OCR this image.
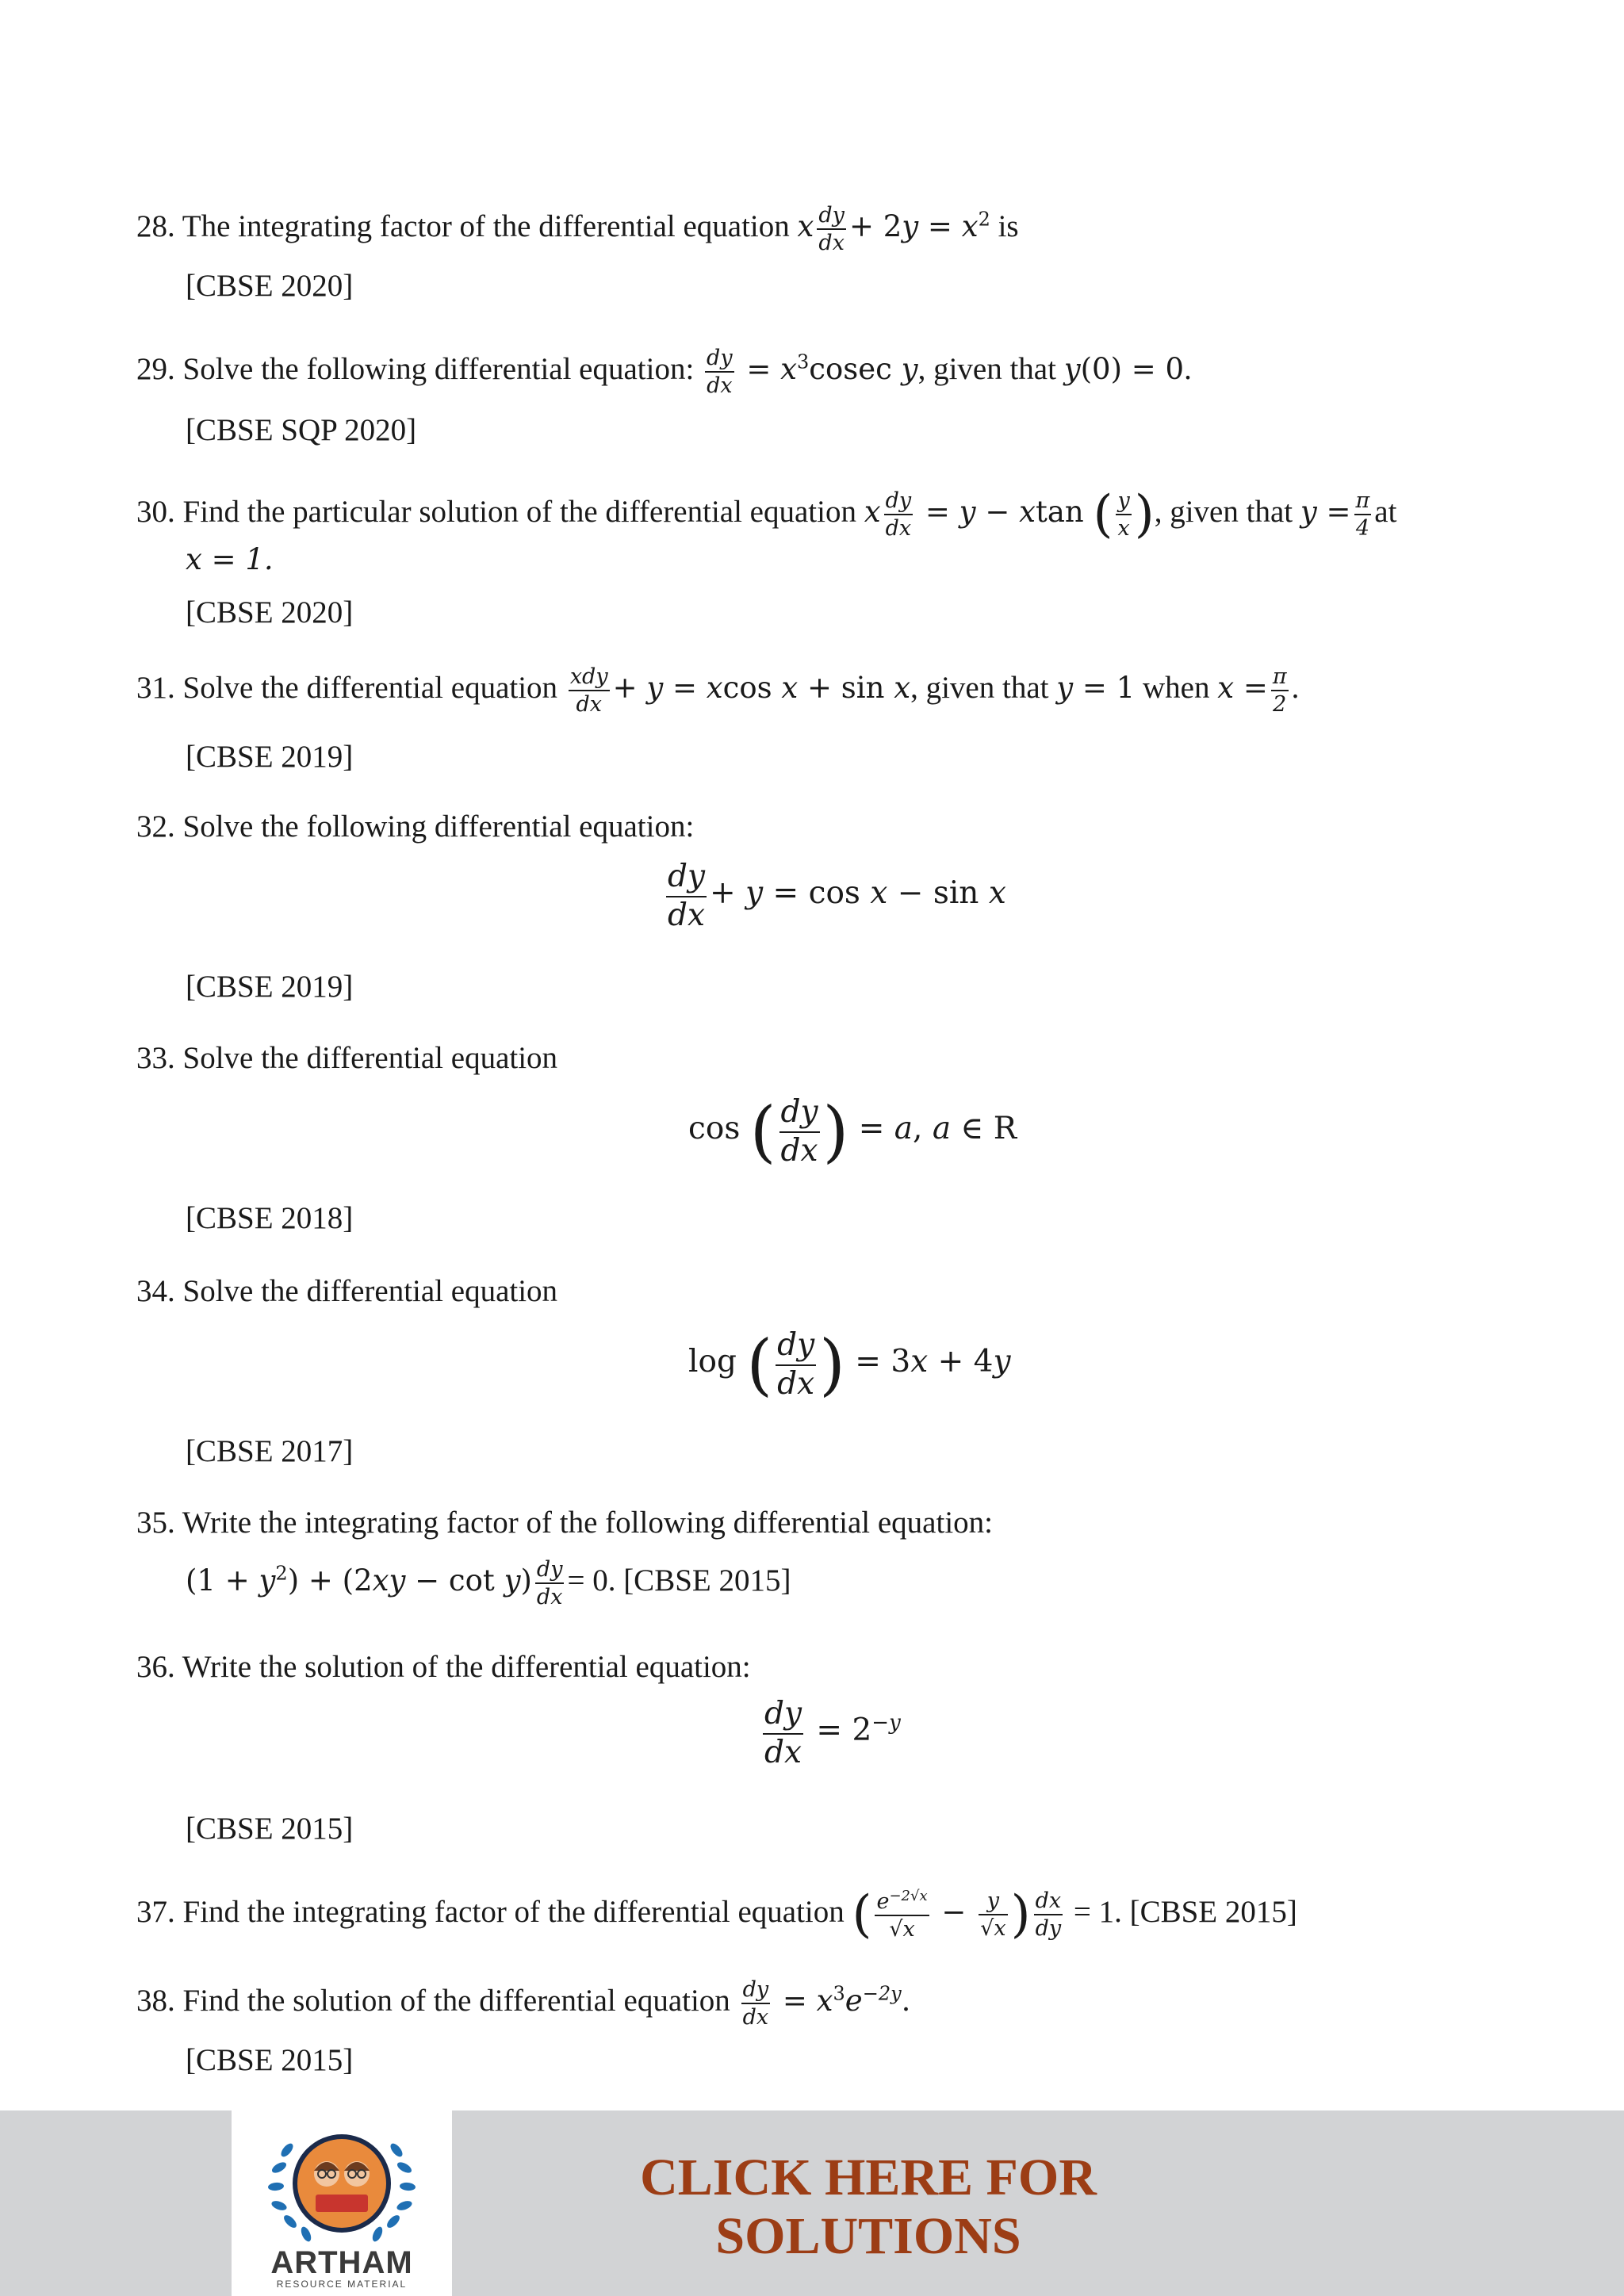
28. The integrating factor of the differential equation x $\frac{dy}{dx} + 2y = x^2$ is
[CBSE 2020]
29. Solve the following differential equation: $\frac{dy}{dx} = x^3cosec$ y, given that y(0) = 0.
[CBSE SQP 2020]
30. Find the particular solution of the differential equation x $\frac{dy}{dx} = y - xtan$ ( $\frac{y}{x}$ ), given that $y = \frac{\pi}{4}$ at
x = 1.
[CBSE 2020]
31. Solve the differential equation $\frac{\text{xdy}}{dx} + y = xcos$ x + sin x, given that y = 1 when $x = \frac{\pi}{2}$ .
[CBSE 2019]
32. Solve the following differential equation:
$\frac{dy}{dx} + y = \cos x - \sin x$
[CBSE 2019]
33. Solve the differential equation
cos ( $\frac{dy}{dx}$ ) = a, a ∈ R
[CBSE 2018]
34. Solve the differential equation
log ( $\frac{dy}{dx}$ ) = 3x + 4y
[CBSE 2017]
35. Write the integrating factor of the following differential equation:
$(1 + y^2) + (2xy - \cot y) \frac{dy}{dx} = 0$. [CBSE 2015]
36. Write the solution of the differential equation:
$\frac{dy}{dx} = 2^{-y}$
[CBSE 2015]
37. Find the integrating factor of the differential equation ( $\frac{e^{-2√x}}{√x} - \frac{y}{√x}$ ) $\frac{dx}{dy} = 1$. [CBSE 2015]
38. Find the solution of the differential equation $\frac{dy}{dx} = x^3e^{-2y}$.
[CBSE 2015]
ARTHAM
RESOURCE MATERIAL
CLICK HERE FOR
SOLUTIONS
